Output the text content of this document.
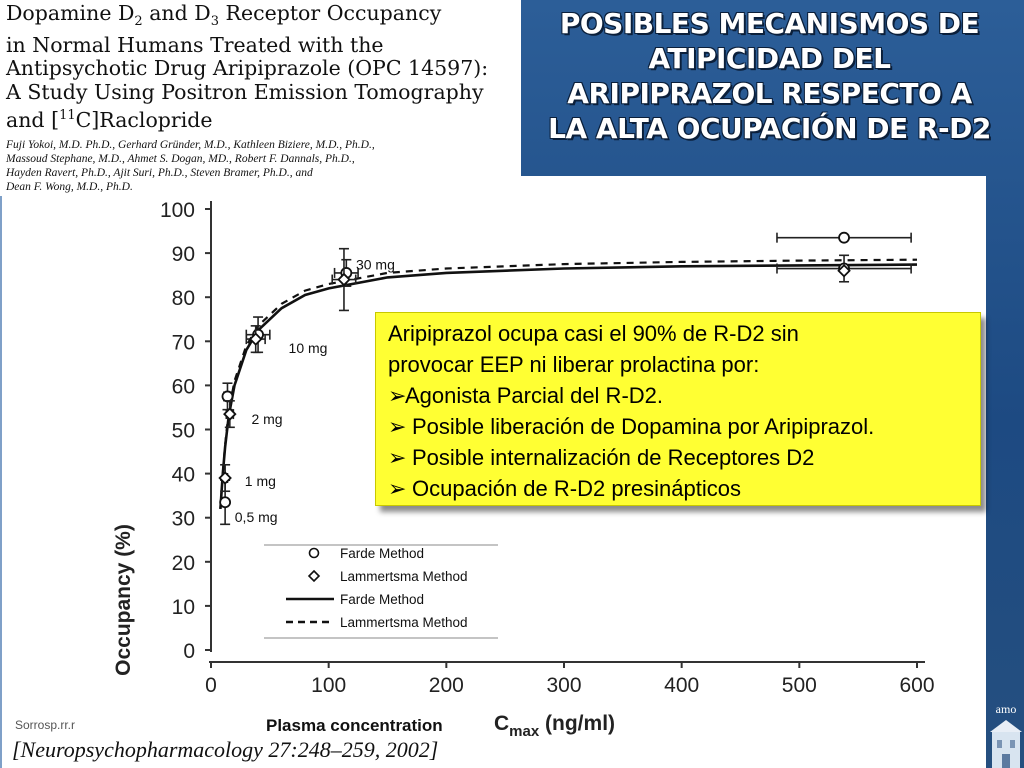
POSIBLES MECANISMOS DE
ATIPICIDAD DEL
ARIPIPRAZOL RESPECTO A
LA ALTA OCUPACIÓN DE R-D2
0
10
20
30
40
50
60
70
80
90
100
0	100	200	300	400	500	600
0,5 mg
1 mg
2 mg
10 mg
30 mg
Farde Method
Lammertsma Method
Farde Method
Lammertsma Method
Occupancy (%)
Plasma concentration $C_{max}$ (ng/ml)
Dopamine $D_2$ and $D_3$ Receptor Occupancy
in Normal Humans Treated with the
Antipsychotic Drug Aripiprazole (OPC 14597):
A Study Using Positron Emission Tomography
and [$^{11}$C]Raclopride
Fuji Yokoi, M.D. Ph.D., Gerhard Gründer, M.D., Kathleen Biziere, M.D., Ph.D.,
Massoud Stephane, M.D., Ahmet S. Dogan, MD., Robert F. Dannals, Ph.D.,
Hayden Ravert, Ph.D., Ajit Suri, Ph.D., Steven Bramer, Ph.D., and
Dean F. Wong, M.D., Ph.D.
Aripiprazol ocupa casi el 90% de R-D2 sin
provocar EEP ni liberar prolactina por:
➢Agonista Parcial del R-D2.
➢ Posible liberación de Dopamina por Aripiprazol.
➢ Posible internalización de Receptores D2
➢ Ocupación de R-D2 presinápticos
Sorrosp.rr.r
[Neuropsychopharmacology 27:248–259, 2002]
amo
